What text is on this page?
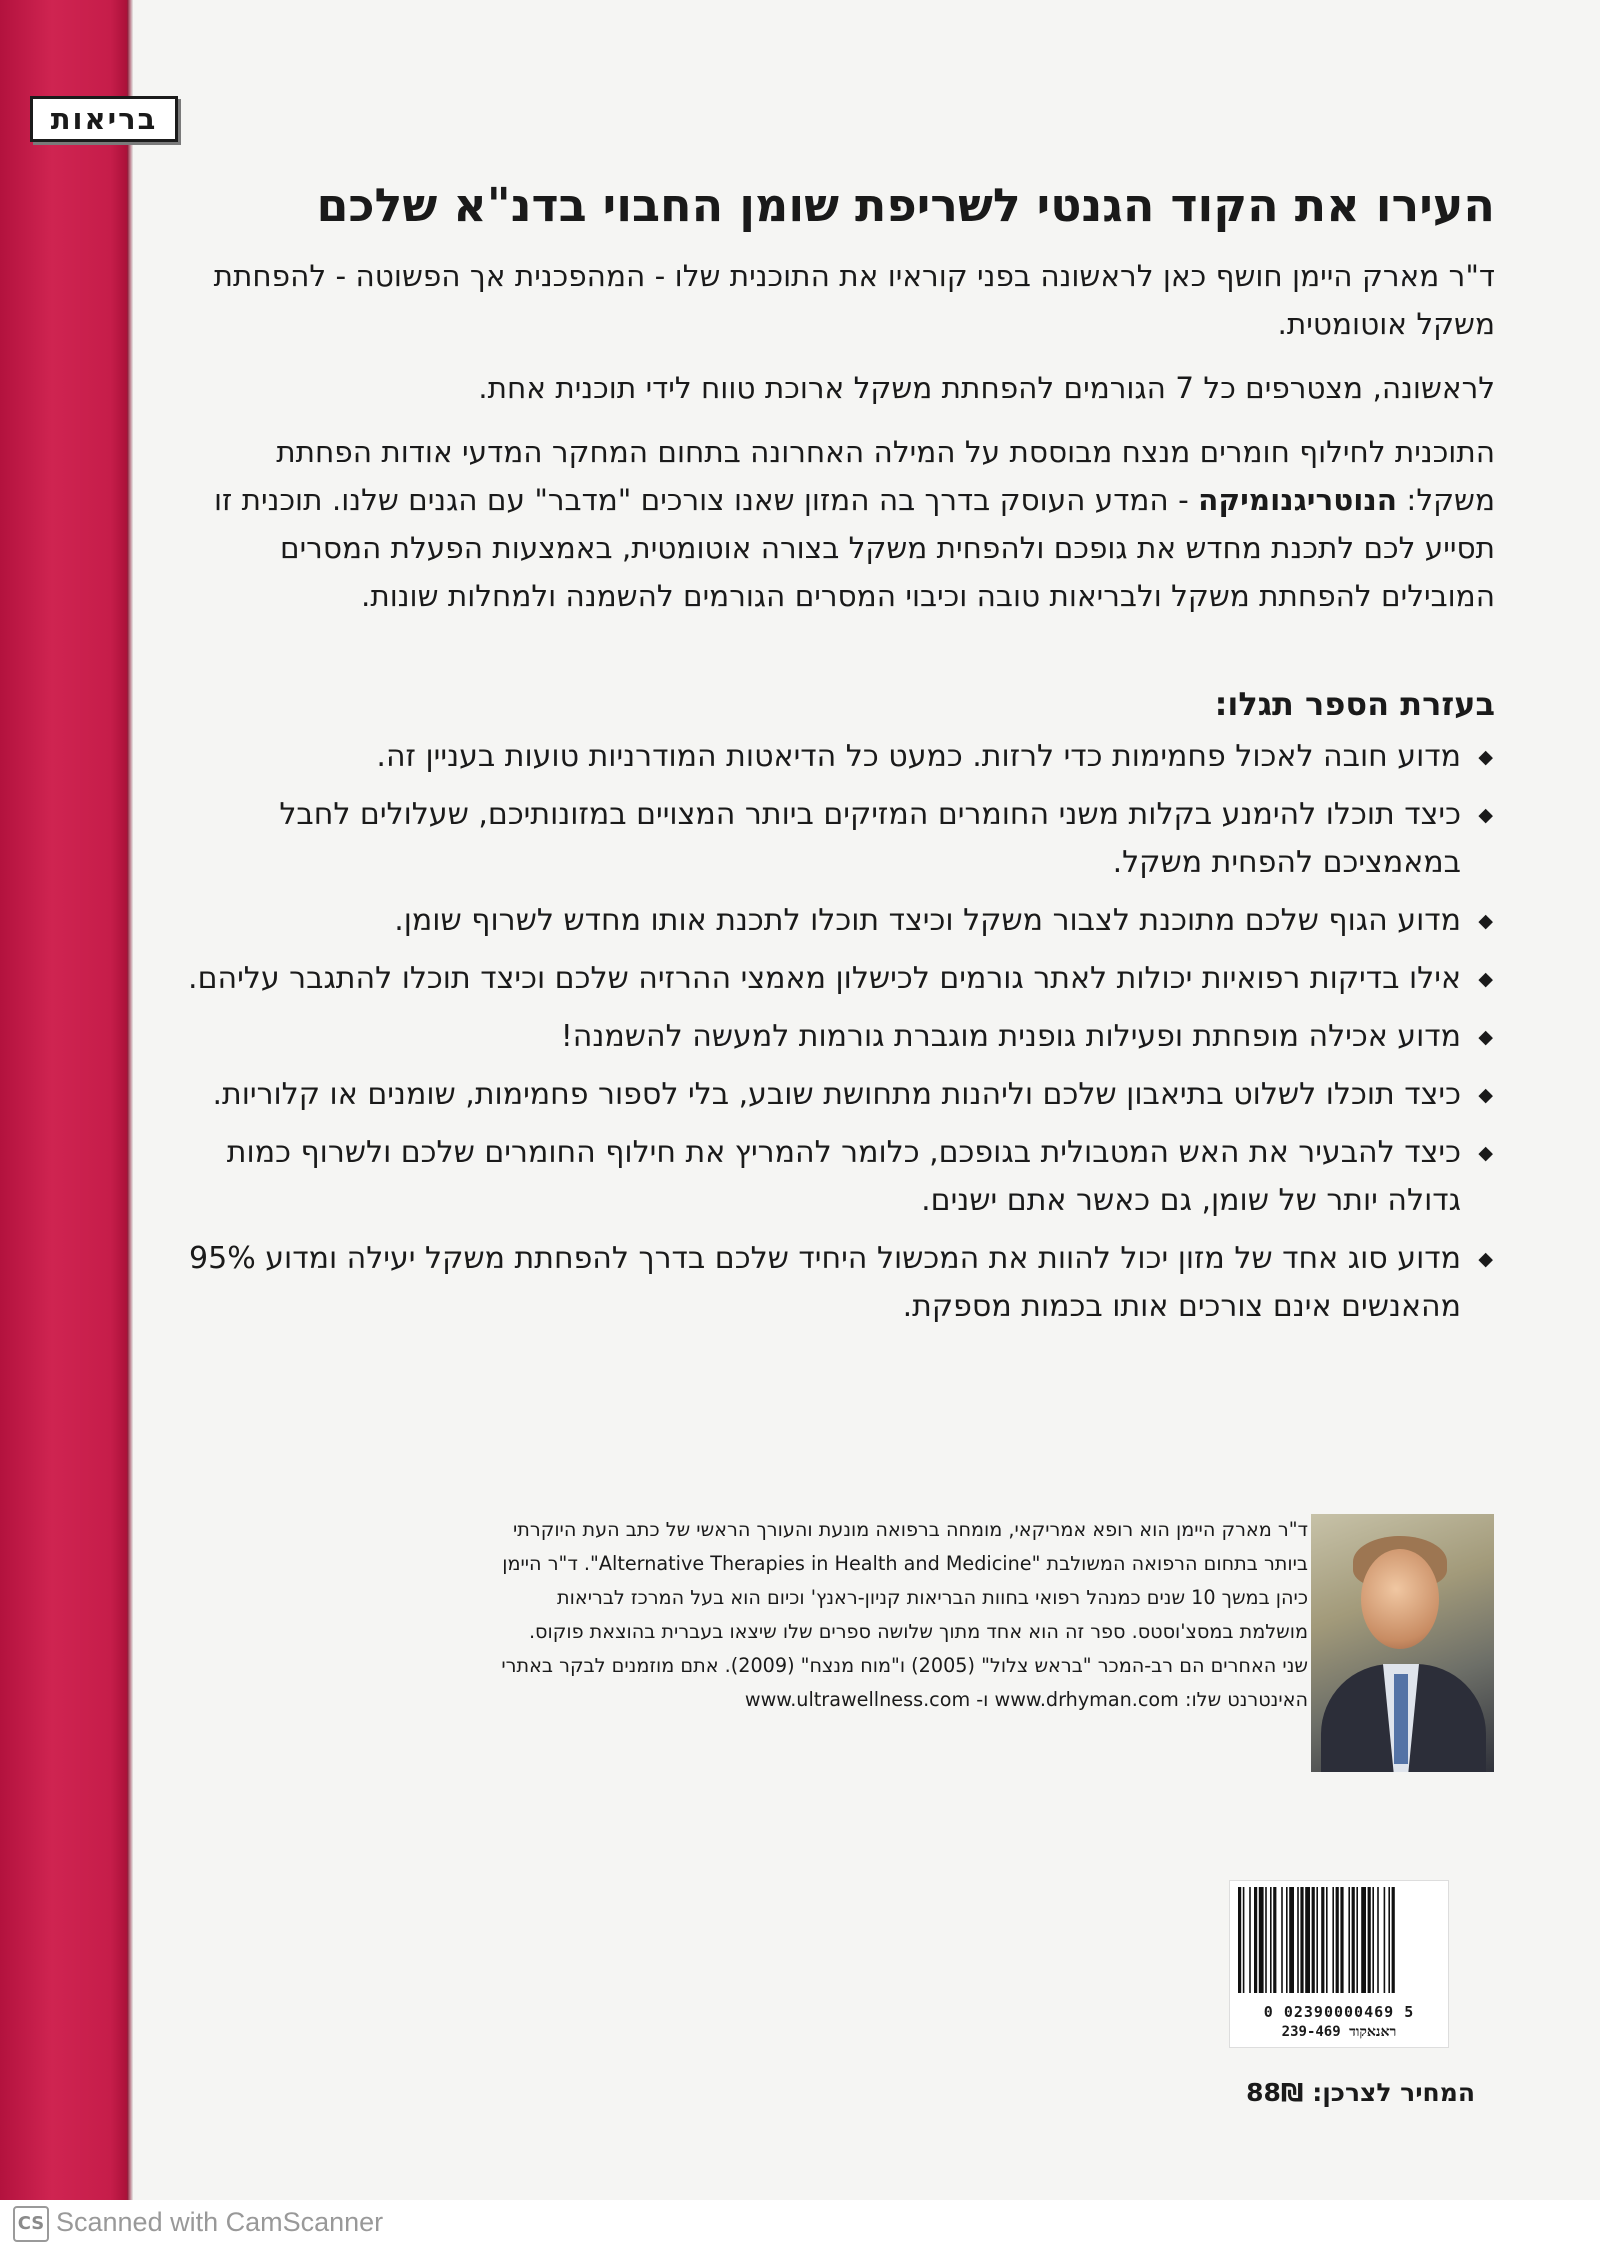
בריאות
העירו את הקוד הגנטי לשריפת שומן החבוי בדנ"א שלכם

ד"ר מארק היימן חושף כאן לראשונה בפני קוראיו את התוכנית שלו - המהפכנית אך הפשוטה - להפחתת משקל אוטומטית.

לראשונה, מצטרפים כל 7 הגורמים להפחתת משקל ארוכת טווח לידי תוכנית אחת.

התוכנית לחילוף חומרים מנצח מבוססת על המילה האחרונה בתחום המחקר המדעי אודות הפחתת משקל: הנוטריגנומיקה - המדע העוסק בדרך בה המזון שאנו צורכים "מדבר" עם הגנים שלנו. תוכנית זו תסייע לכם לתכנת מחדש את גופכם ולהפחית משקל בצורה אוטומטית, באמצעות הפעלת המסרים המובילים להפחתת משקל ולבריאות טובה וכיבוי המסרים הגורמים להשמנה ולמחלות שונות.

בעזרת הספר תגלו:
◆ מדוע חובה לאכול פחמימות כדי לרזות. כמעט כל הדיאטות המודרניות טועות בעניין זה.
◆ כיצד תוכלו להימנע בקלות משני החומרים המזיקים ביותר המצויים במזונותיכם, שעלולים לחבל במאמציכם להפחית משקל.
◆ מדוע הגוף שלכם מתוכנת לצבור משקל וכיצד תוכלו לתכנת אותו מחדש לשרוף שומן.
◆ אילו בדיקות רפואיות יכולות לאתר גורמים לכישלון מאמצי ההרזיה שלכם וכיצד תוכלו להתגבר עליהם.
◆ מדוע אכילה מופחתת ופעילות גופנית מוגברת גורמות למעשה להשמנה!
◆ כיצד תוכלו לשלוט בתיאבון שלכם וליהנות מתחושת שובע, בלי לספור פחמימות, שומנים או קלוריות.
◆ כיצד להבעיר את האש המטבולית בגופכם, כלומר להמריץ את חילוף החומרים שלכם ולשרוף כמות גדולה יותר של שומן, גם כאשר אתם ישנים.
◆ מדוע סוג אחד של מזון יכול להוות את המכשול היחיד שלכם בדרך להפחתת משקל יעילה ומדוע 95% מהאנשים אינם צורכים אותו בכמות מספקת.
ד"ר מארק היימן הוא רופא אמריקאי, מומחה ברפואה מונעת והעורך הראשי של כתב העת היוקרתי ביותר בתחום הרפואה המשולבת "Alternative Therapies in Health and Medicine". ד"ר היימן כיהן במשך 10 שנים כמנהל רפואי בחוות הבריאות קניון-ראנץ' וכיום הוא בעל המרכז לבריאות מושלמת במסצ'וסטס. ספר זה הוא אחד מתוך שלושה ספרים שלו שיצאו בעברית בהוצאת פוקוס. שני האחרים הם רב-המכר "בראש צלול" (2005) ו"מוח מנצח" (2009). אתם מוזמנים לבקר באתרי האינטרנט שלו: www.drhyman.com ו- www.ultrawellness.com
0 02390000469 5
ראנאקוד 239-469
המחיר לצרכן: 88₪
CS Scanned with CamScanner
